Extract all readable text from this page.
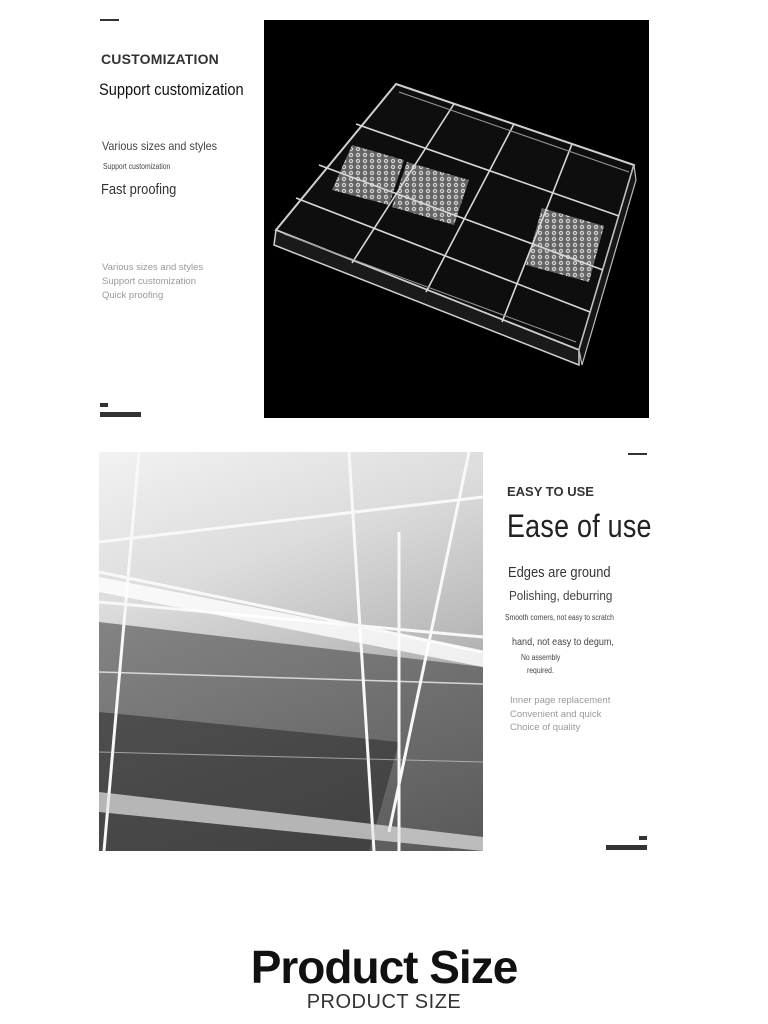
CUSTOMIZATION
Support customization
Various sizes and styles
Support customization
Fast proofing
Various sizes and styles
Support customization
Quick proofing
EASY TO USE
Ease of use
Edges are ground
Polishing, deburring
Smooth corners, not easy to scratch
hand, not easy to degum,
No assembly
required.
Inner page replacement
Convenient and quick
Choice of quality
Product Size
PRODUCT SIZE
